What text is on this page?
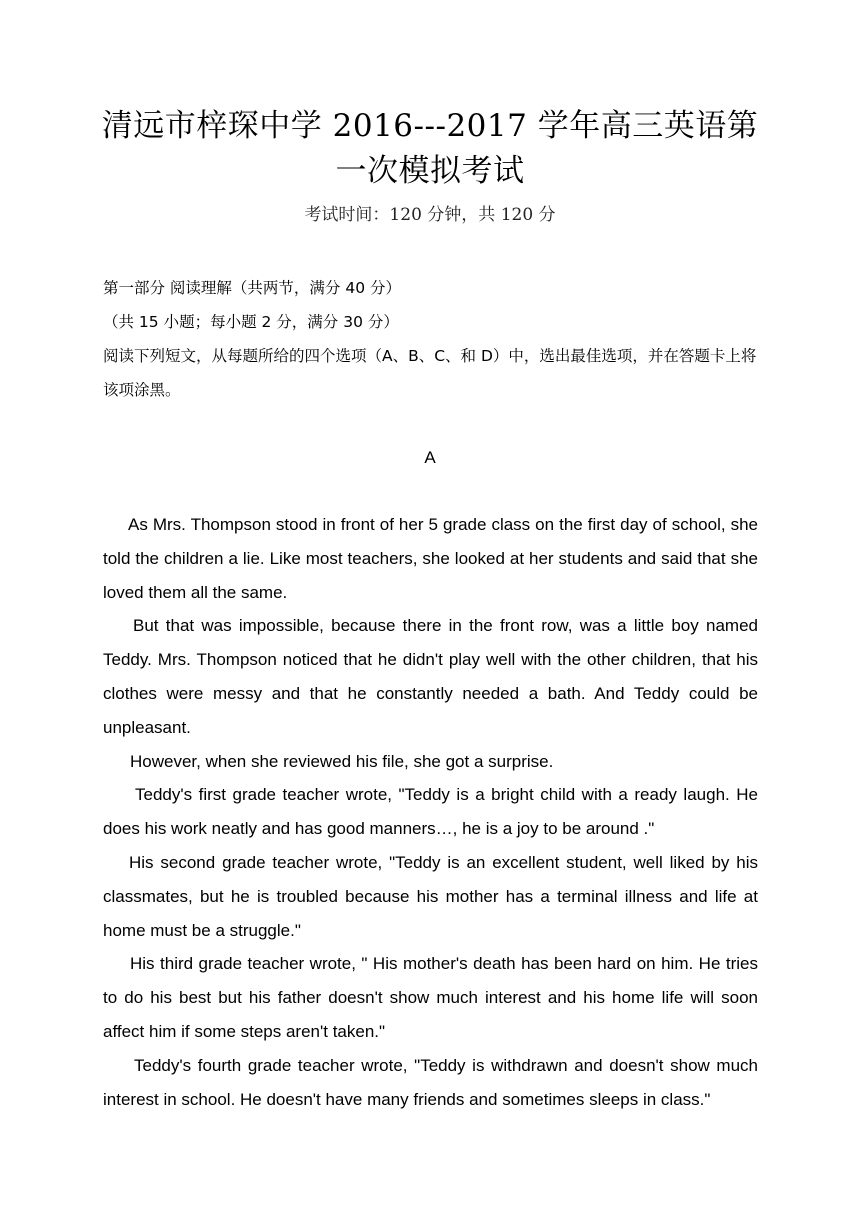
清远市梓琛中学 2016---2017 学年高三英语第
一次模拟考试
考试时间：120 分钟，共 120 分
第一部分 阅读理解（共两节，满分 40 分）
（共 15 小题；每小题 2 分，满分 30 分）
阅读下列短文，从每题所给的四个选项（A、B、C、和 D）中，选出最佳选项，并在答题卡上将该项涂黑。
A

As Mrs. Thompson stood in front of her 5 grade class on the first day of school, she told the children a lie. Like most teachers, she looked at her students and said that she loved them all the same.

But that was impossible, because there in the front row, was a little boy named Teddy. Mrs. Thompson noticed that he didn't play well with the other children, that his clothes were messy and that he constantly needed a bath. And Teddy could be unpleasant.

However, when she reviewed his file, she got a surprise.

Teddy's first grade teacher wrote, "Teddy is a bright child with a ready laugh. He does his work neatly and has good manners…, he is a joy to be around ."

His second grade teacher wrote, "Teddy is an excellent student, well liked by his classmates, but he is troubled because his mother has a terminal illness and life at home must be a struggle."

His third grade teacher wrote, " His mother's death has been hard on him. He tries to do his best but his father doesn't show much interest and his home life will soon affect him if some steps aren't taken."

Teddy's fourth grade teacher wrote, "Teddy is withdrawn and doesn't show much interest in school. He doesn't have many friends and sometimes sleeps in class."
